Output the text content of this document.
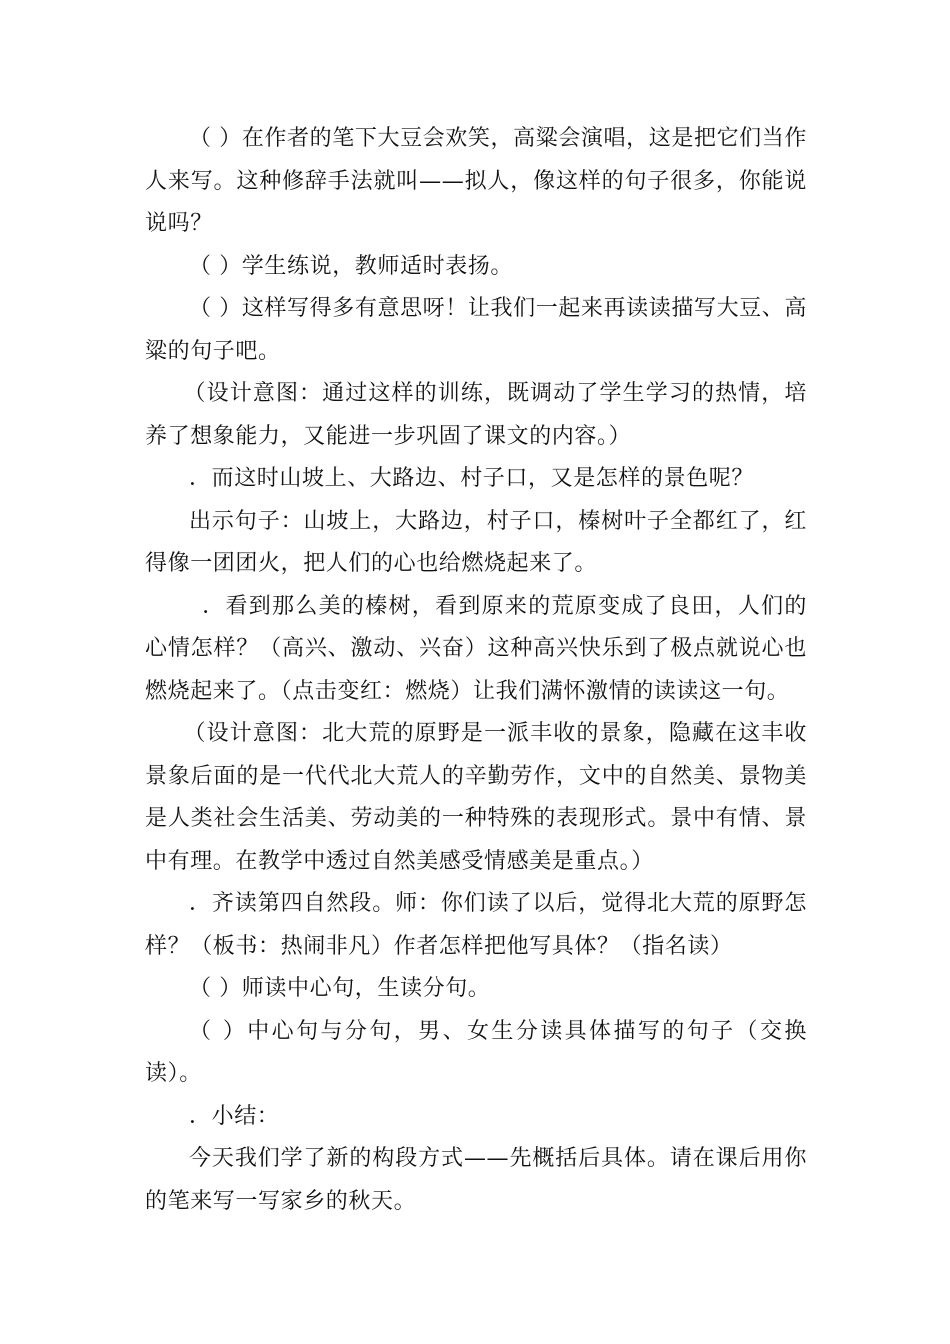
（ ）在作者的笔下大豆会欢笑，高粱会演唱，这是把它们当作人来写。这种修辞手法就叫——拟人，像这样的句子很多，你能说说吗？

（ ）学生练说，教师适时表扬。

（ ）这样写得多有意思呀！让我们一起来再读读描写大豆、高粱的句子吧。

（设计意图：通过这样的训练，既调动了学生学习的热情，培养了想象能力，又能进一步巩固了课文的内容。）

．而这时山坡上、大路边、村子口，又是怎样的景色呢？

出示句子：山坡上，大路边，村子口，榛树叶子全都红了，红得像一团团火，把人们的心也给燃烧起来了。

．看到那么美的榛树，看到原来的荒原变成了良田，人们的心情怎样？（高兴、激动、兴奋）这种高兴快乐到了极点就说心也燃烧起来了。（点击变红：燃烧）让我们满怀激情的读读这一句。

（设计意图：北大荒的原野是一派丰收的景象，隐藏在这丰收景象后面的是一代代北大荒人的辛勤劳作，文中的自然美、景物美是人类社会生活美、劳动美的一种特殊的表现形式。景中有情、景中有理。在教学中透过自然美感受情感美是重点。）

．齐读第四自然段。师：你们读了以后，觉得北大荒的原野怎样？（板书：热闹非凡）作者怎样把他写具体？（指名读）

（ ）师读中心句，生读分句。

（ ）中心句与分句，男、女生分读具体描写的句子（交换读）。

．小结：

今天我们学了新的构段方式——先概括后具体。请在课后用你的笔来写一写家乡的秋天。
